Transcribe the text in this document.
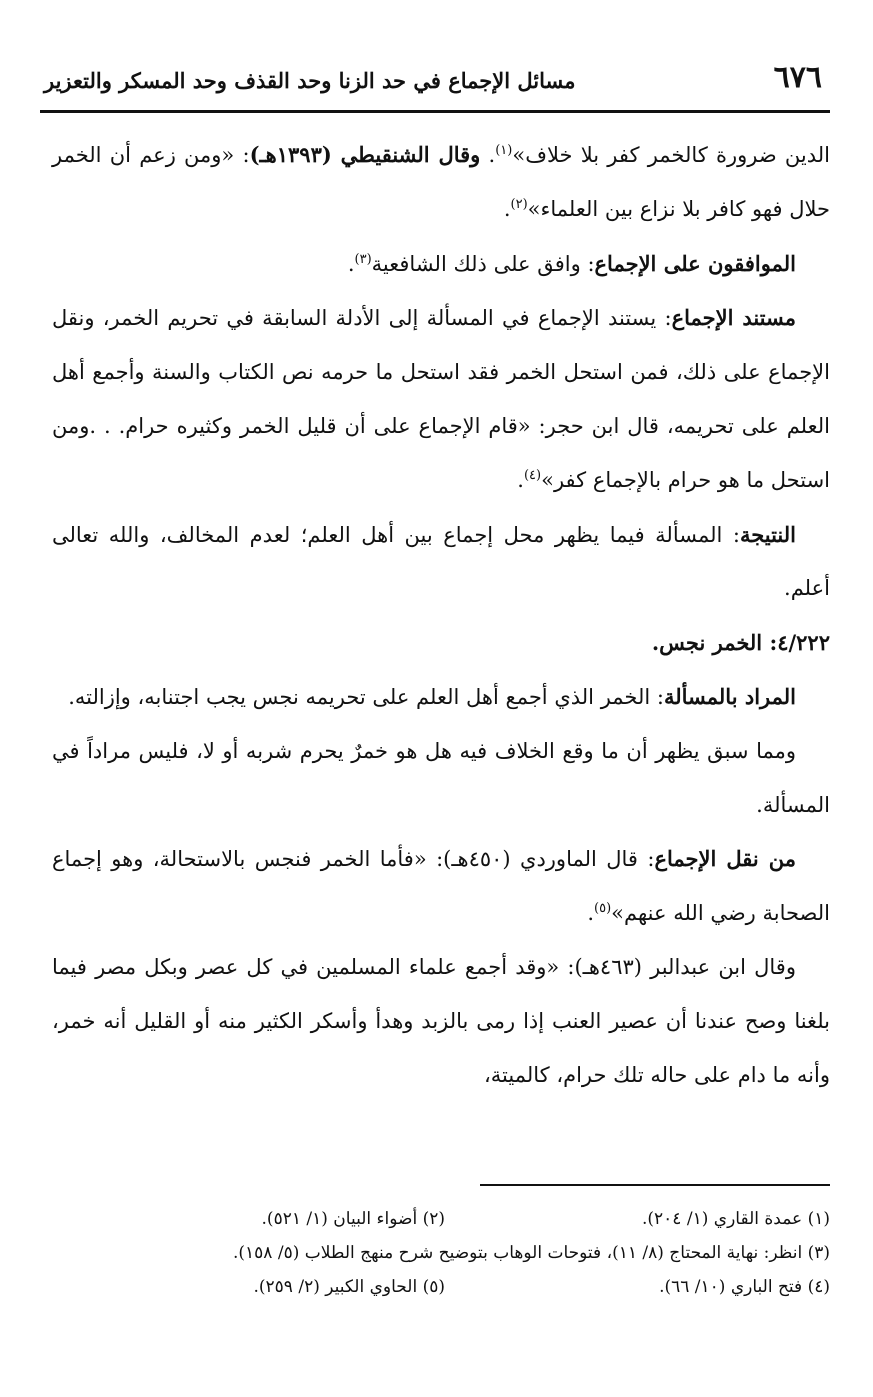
٦٧٦
مسائل الإجماع في حد الزنا وحد القذف وحد المسكر والتعزير

الدين ضرورة كالخمر كفر بلا خلاف»$^{(١)}$. وقال الشنقيطي (١٣٩٣هـ): «ومن زعم أن الخمر حلال فهو كافر بلا نزاع بين العلماء»$^{(٢)}$.

الموافقون على الإجماع: وافق على ذلك الشافعية$^{(٣)}$.

مستند الإجماع: يستند الإجماع في المسألة إلى الأدلة السابقة في تحريم الخمر، ونقل الإجماع على ذلك، فمن استحل الخمر فقد استحل ما حرمه نص الكتاب والسنة وأجمع أهل العلم على تحريمه، قال ابن حجر: «قام الإجماع على أن قليل الخمر وكثيره حرام. . .ومن استحل ما هو حرام بالإجماع كفر»$^{(٤)}$.

النتيجة: المسألة فيما يظهر محل إجماع بين أهل العلم؛ لعدم المخالف، والله تعالى أعلم.

٤/٢٢٢: الخمر نجس.

المراد بالمسألة: الخمر الذي أجمع أهل العلم على تحريمه نجس يجب اجتنابه، وإزالته.

ومما سبق يظهر أن ما وقع الخلاف فيه هل هو خمرٌ يحرم شربه أو لا، فليس مراداً في المسألة.

من نقل الإجماع: قال الماوردي (٤٥٠هـ): «فأما الخمر فنجس بالاستحالة، وهو إجماع الصحابة رضي الله عنهم»$^{(٥)}$.

وقال ابن عبدالبر (٤٦٣هـ): «وقد أجمع علماء المسلمين في كل عصر وبكل مصر فيما بلغنا وصح عندنا أن عصير العنب إذا رمى بالزبد وهدأ وأسكر الكثير منه أو القليل أنه خمر، وأنه ما دام على حاله تلك حرام، كالميتة،

(١) عمدة القاري (١/ ٢٠٤).
(٢) أضواء البيان (١/ ٥٢١).
(٣) انظر: نهاية المحتاج (٨/ ١١)، فتوحات الوهاب بتوضيح شرح منهج الطلاب (٥/ ١٥٨).
(٤) فتح الباري (١٠/ ٦٦).
(٥) الحاوي الكبير (٢/ ٢٥٩).
